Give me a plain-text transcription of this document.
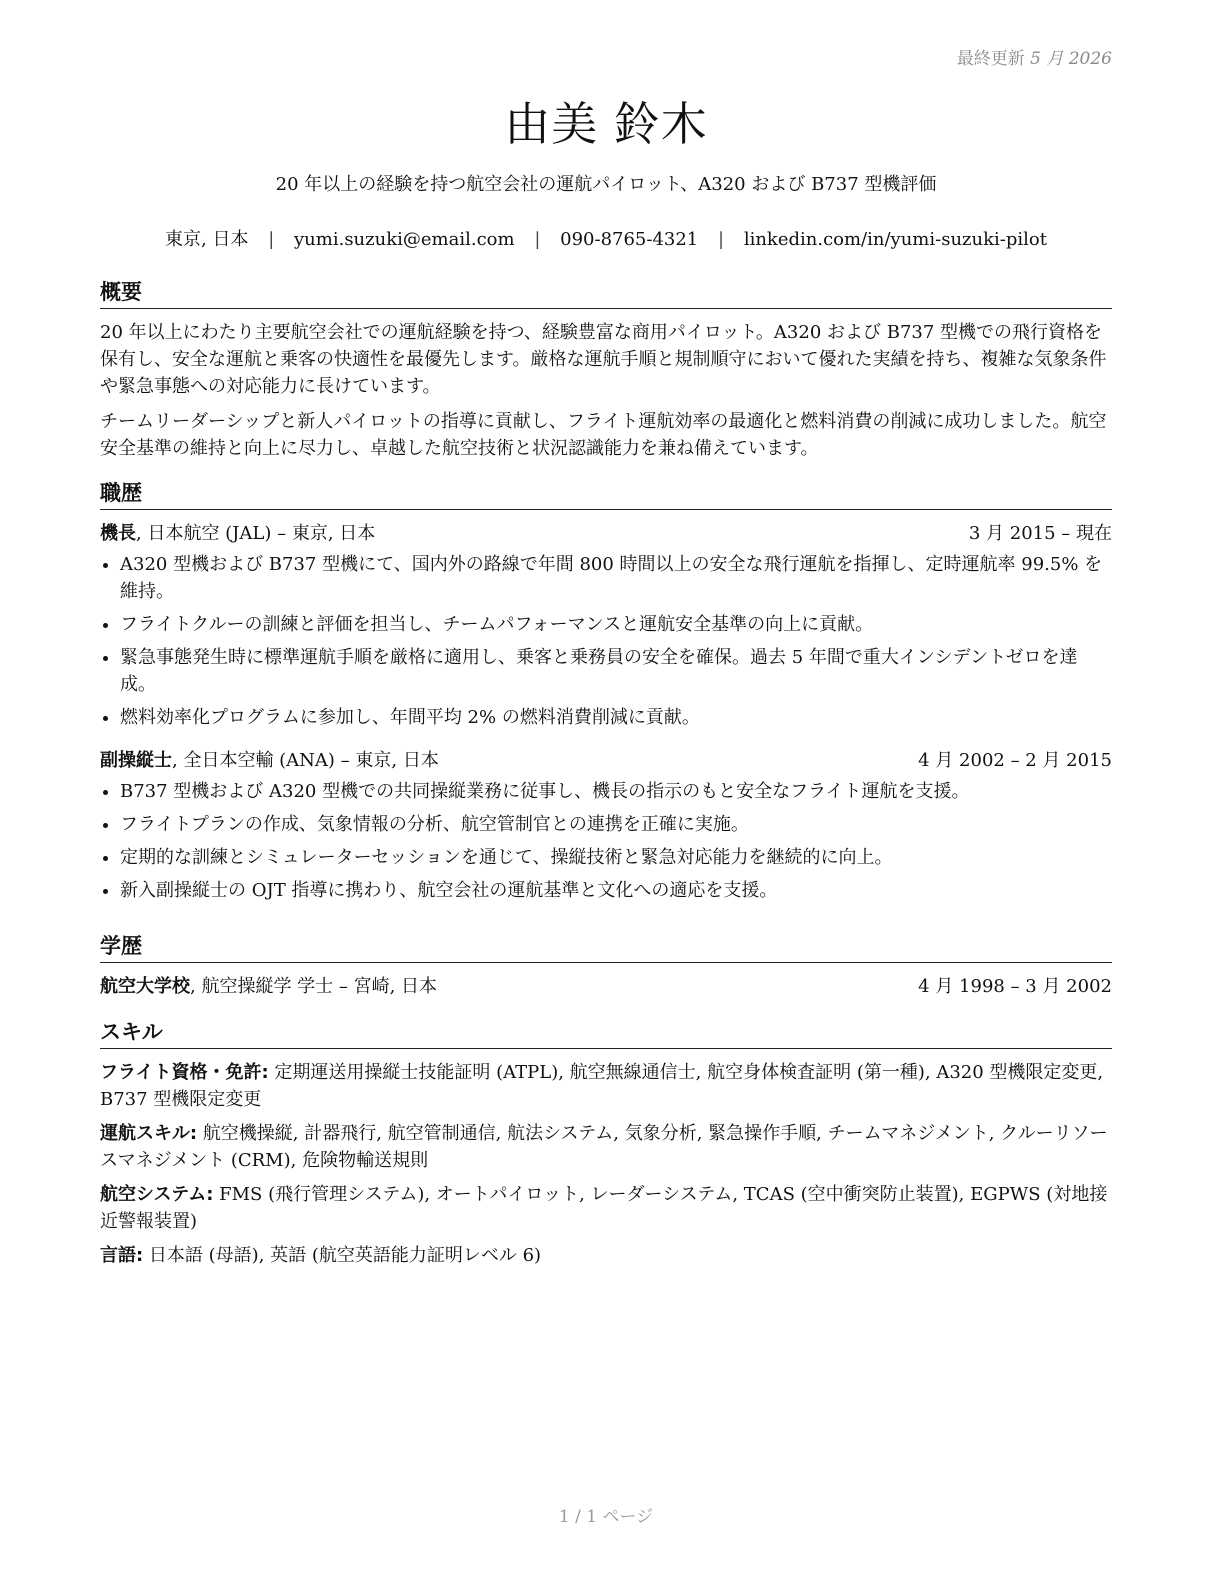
最終更新 5 月 2026
由美 鈴木
20 年以上の経験を持つ航空会社の運航パイロット、A320 および B737 型機評価
東京, 日本 | yumi.suzuki@email.com | 090-8765-4321 | linkedin.com/in/yumi-suzuki-pilot
概要

20 年以上にわたり主要航空会社での運航経験を持つ、経験豊富な商用パイロット。A320 および B737 型機での飛行資格を保有し、安全な運航と乗客の快適性を最優先します。厳格な運航手順と規制順守において優れた実績を持ち、複雑な気象条件や緊急事態への対応能力に長けています。

チームリーダーシップと新人パイロットの指導に貢献し、フライト運航効率の最適化と燃料消費の削減に成功しました。航空安全基準の維持と向上に尽力し、卓越した航空技術と状況認識能力を兼ね備えています。

職歴
機長, 日本航空 (JAL) – 東京, 日本	3 月 2015 – 現在
• A320 型機および B737 型機にて、国内外の路線で年間 800 時間以上の安全な飛行運航を指揮し、定時運航率 99.5% を維持。
• フライトクルーの訓練と評価を担当し、チームパフォーマンスと運航安全基準の向上に貢献。
• 緊急事態発生時に標準運航手順を厳格に適用し、乗客と乗務員の安全を確保。過去 5 年間で重大インシデントゼロを達成。
• 燃料効率化プログラムに参加し、年間平均 2% の燃料消費削減に貢献。
副操縦士, 全日本空輸 (ANA) – 東京, 日本	4 月 2002 – 2 月 2015
• B737 型機および A320 型機での共同操縦業務に従事し、機長の指示のもと安全なフライト運航を支援。
• フライトプランの作成、気象情報の分析、航空管制官との連携を正確に実施。
• 定期的な訓練とシミュレーターセッションを通じて、操縦技術と緊急対応能力を継続的に向上。
• 新入副操縦士の OJT 指導に携わり、航空会社の運航基準と文化への適応を支援。
学歴
航空大学校, 航空操縦学 学士 – 宮崎, 日本	4 月 1998 – 3 月 2002
スキル

フライト資格・免許: 定期運送用操縦士技能証明 (ATPL), 航空無線通信士, 航空身体検査証明 (第一種), A320 型機限定変更, B737 型機限定変更

運航スキル: 航空機操縦, 計器飛行, 航空管制通信, 航法システム, 気象分析, 緊急操作手順, チームマネジメント, クルーリソースマネジメント (CRM), 危険物輸送規則

航空システム: FMS (飛行管理システム), オートパイロット, レーダーシステム, TCAS (空中衝突防止装置), EGPWS (対地接近警報装置)

言語: 日本語 (母語), 英語 (航空英語能力証明レベル 6)

1 / 1 ページ
